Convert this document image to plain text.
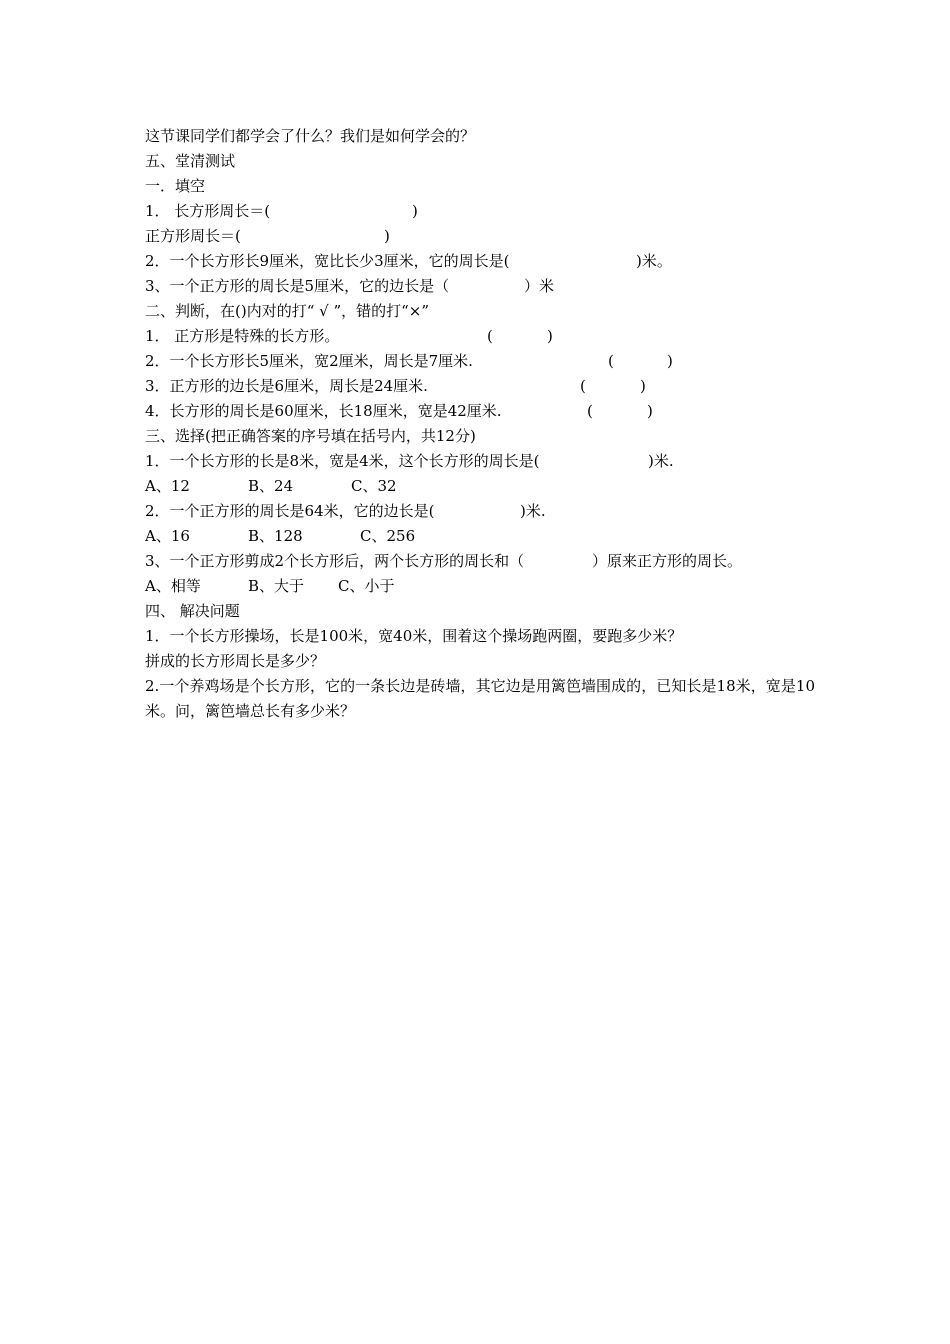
这节课同学们都学会了什么？我们是如何学会的？
五、堂清测试
一．填空
1． 长方形周长＝(	)
正方形周长＝(	)
2．一个长方形长9厘米，宽比长少3厘米，它的周长是(	)米。
3、一个正方形的周长是5厘米，它的边长是（	）米
二、判断，在()内对的打“ √ ”，错的打“×”
1． 正方形是特殊的长方形。	(	)
2．一个长方形长5厘米，宽2厘米，周长是7厘米.	(	)
3．正方形的边长是6厘米，周长是24厘米.	(	)
4．长方形的周长是60厘米，长18厘米，宽是42厘米.	(	)
三、选择(把正确答案的序号填在括号内，共12分)
1．一个长方形的长是8米，宽是4米，这个长方形的周长是(	)米.
A、12	B、24	C、32
2．一个正方形的周长是64米，它的边长是(	)米.
A、16	B、128	C、256
3、一个正方形剪成2个长方形后，两个长方形的周长和（	）原来正方形的周长。
A、相等	B、大于 C、小于
四、 解决问题
1．一个长方形操场，长是100米，宽40米，围着这个操场跑两圈，要跑多少米？
拼成的长方形周长是多少？
2.一个养鸡场是个长方形，它的一条长边是砖墙，其它边是用篱笆墙围成的，已知长是18米，宽是10米。问，篱笆墙总长有多少米？
